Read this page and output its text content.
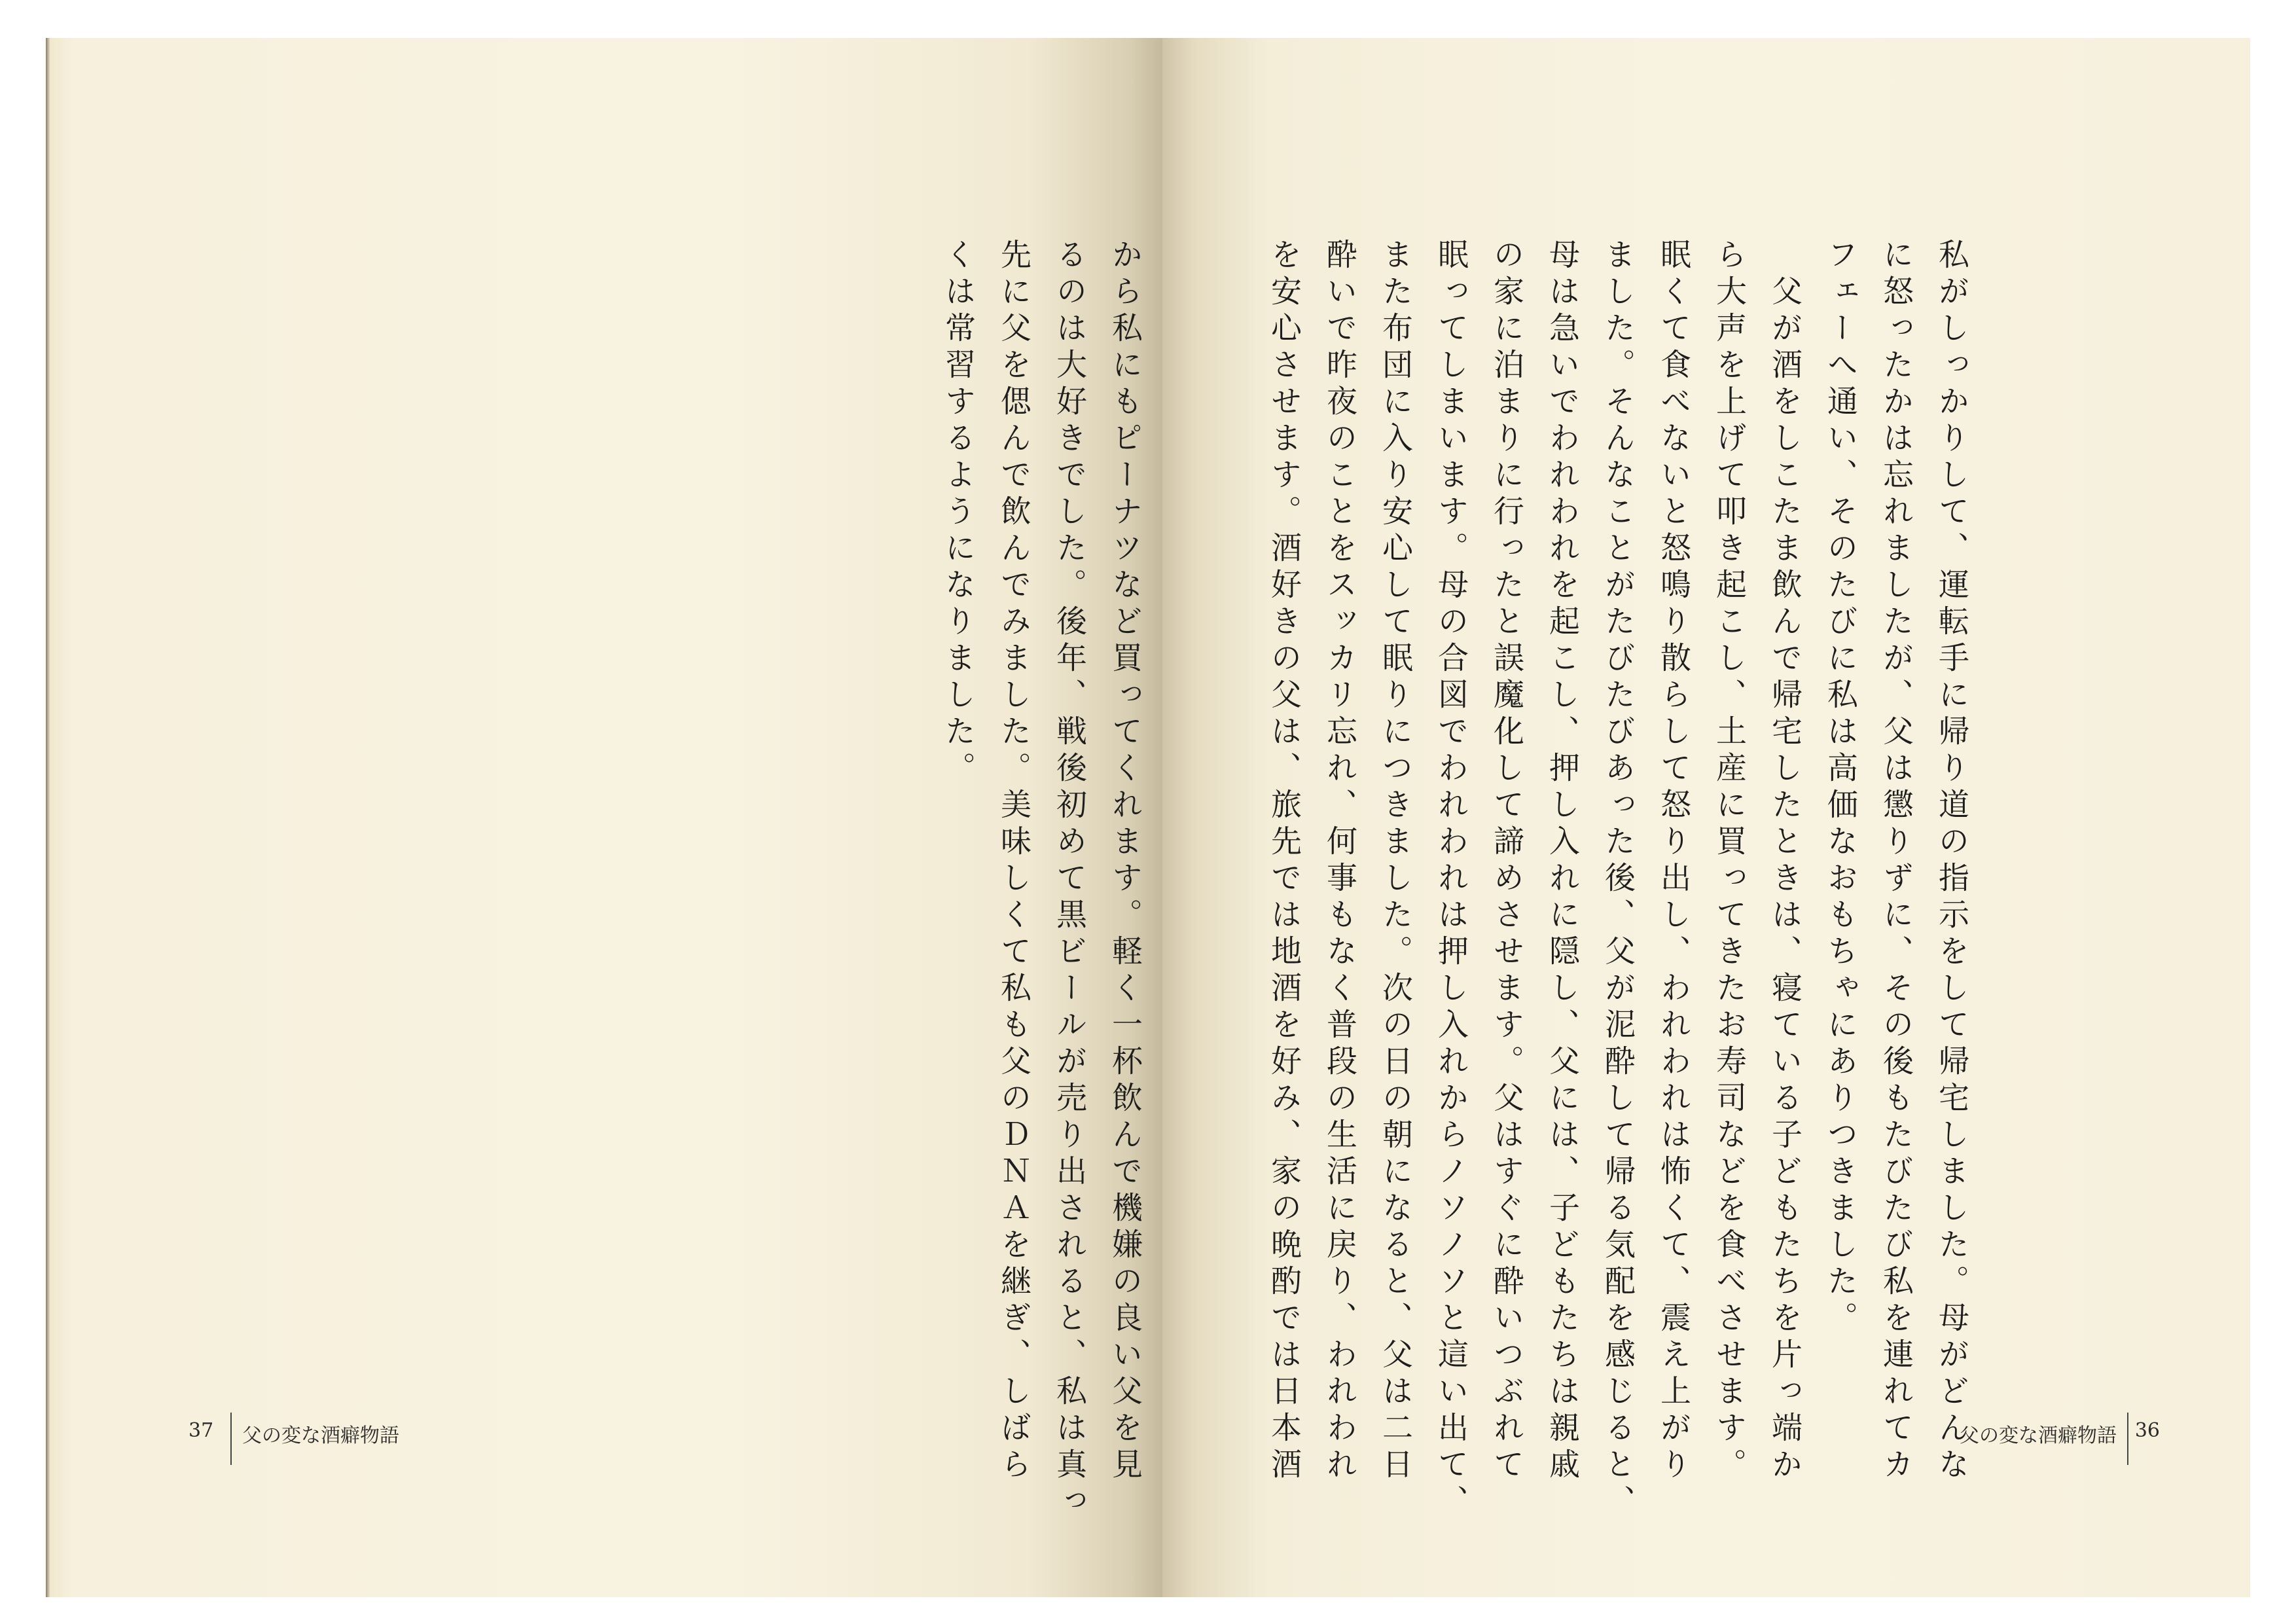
から私にもピーナツなど買ってくれます。軽く一杯飲んで機嫌の良い父を見

るのは大好きでした。後年、戦後初めて黒ビールが売り出されると、私は真っ

先に父を偲んで飲んでみました。美味しくて私も父のＤＮＡを継ぎ、しばら

くは常習するようになりました。

37 父の変な酒癖物語	私がしっかりして、運転手に帰り道の指示をして帰宅しました。母がどんな

に怒ったかは忘れましたが、父は懲りずに、その後もたびたび私を連れてカ

フェーへ通い、そのたびに私は高価なおもちゃにありつきました。

　父が酒をしこたま飲んで帰宅したときは、寝ている子どもたちを片っ端か

ら大声を上げて叩き起こし、土産に買ってきたお寿司などを食べさせます。

眠くて食べないと怒鳴り散らして怒り出し、われわれは怖くて、震え上がり

ました。そんなことがたびたびあった後、父が泥酔して帰る気配を感じると、

母は急いでわれわれを起こし、押し入れに隠し、父には、子どもたちは親戚

の家に泊まりに行ったと誤魔化して諦めさせます。父はすぐに酔いつぶれて

眠ってしまいます。母の合図でわれわれは押し入れからノソノソと這い出て、

また布団に入り安心して眠りにつきました。次の日の朝になると、父は二日

酔いで昨夜のことをスッカリ忘れ、何事もなく普段の生活に戻り、われわれ

を安心させます。酒好きの父は、旅先では地酒を好み、家の晩酌では日本酒	父の変な酒癖物語 36
